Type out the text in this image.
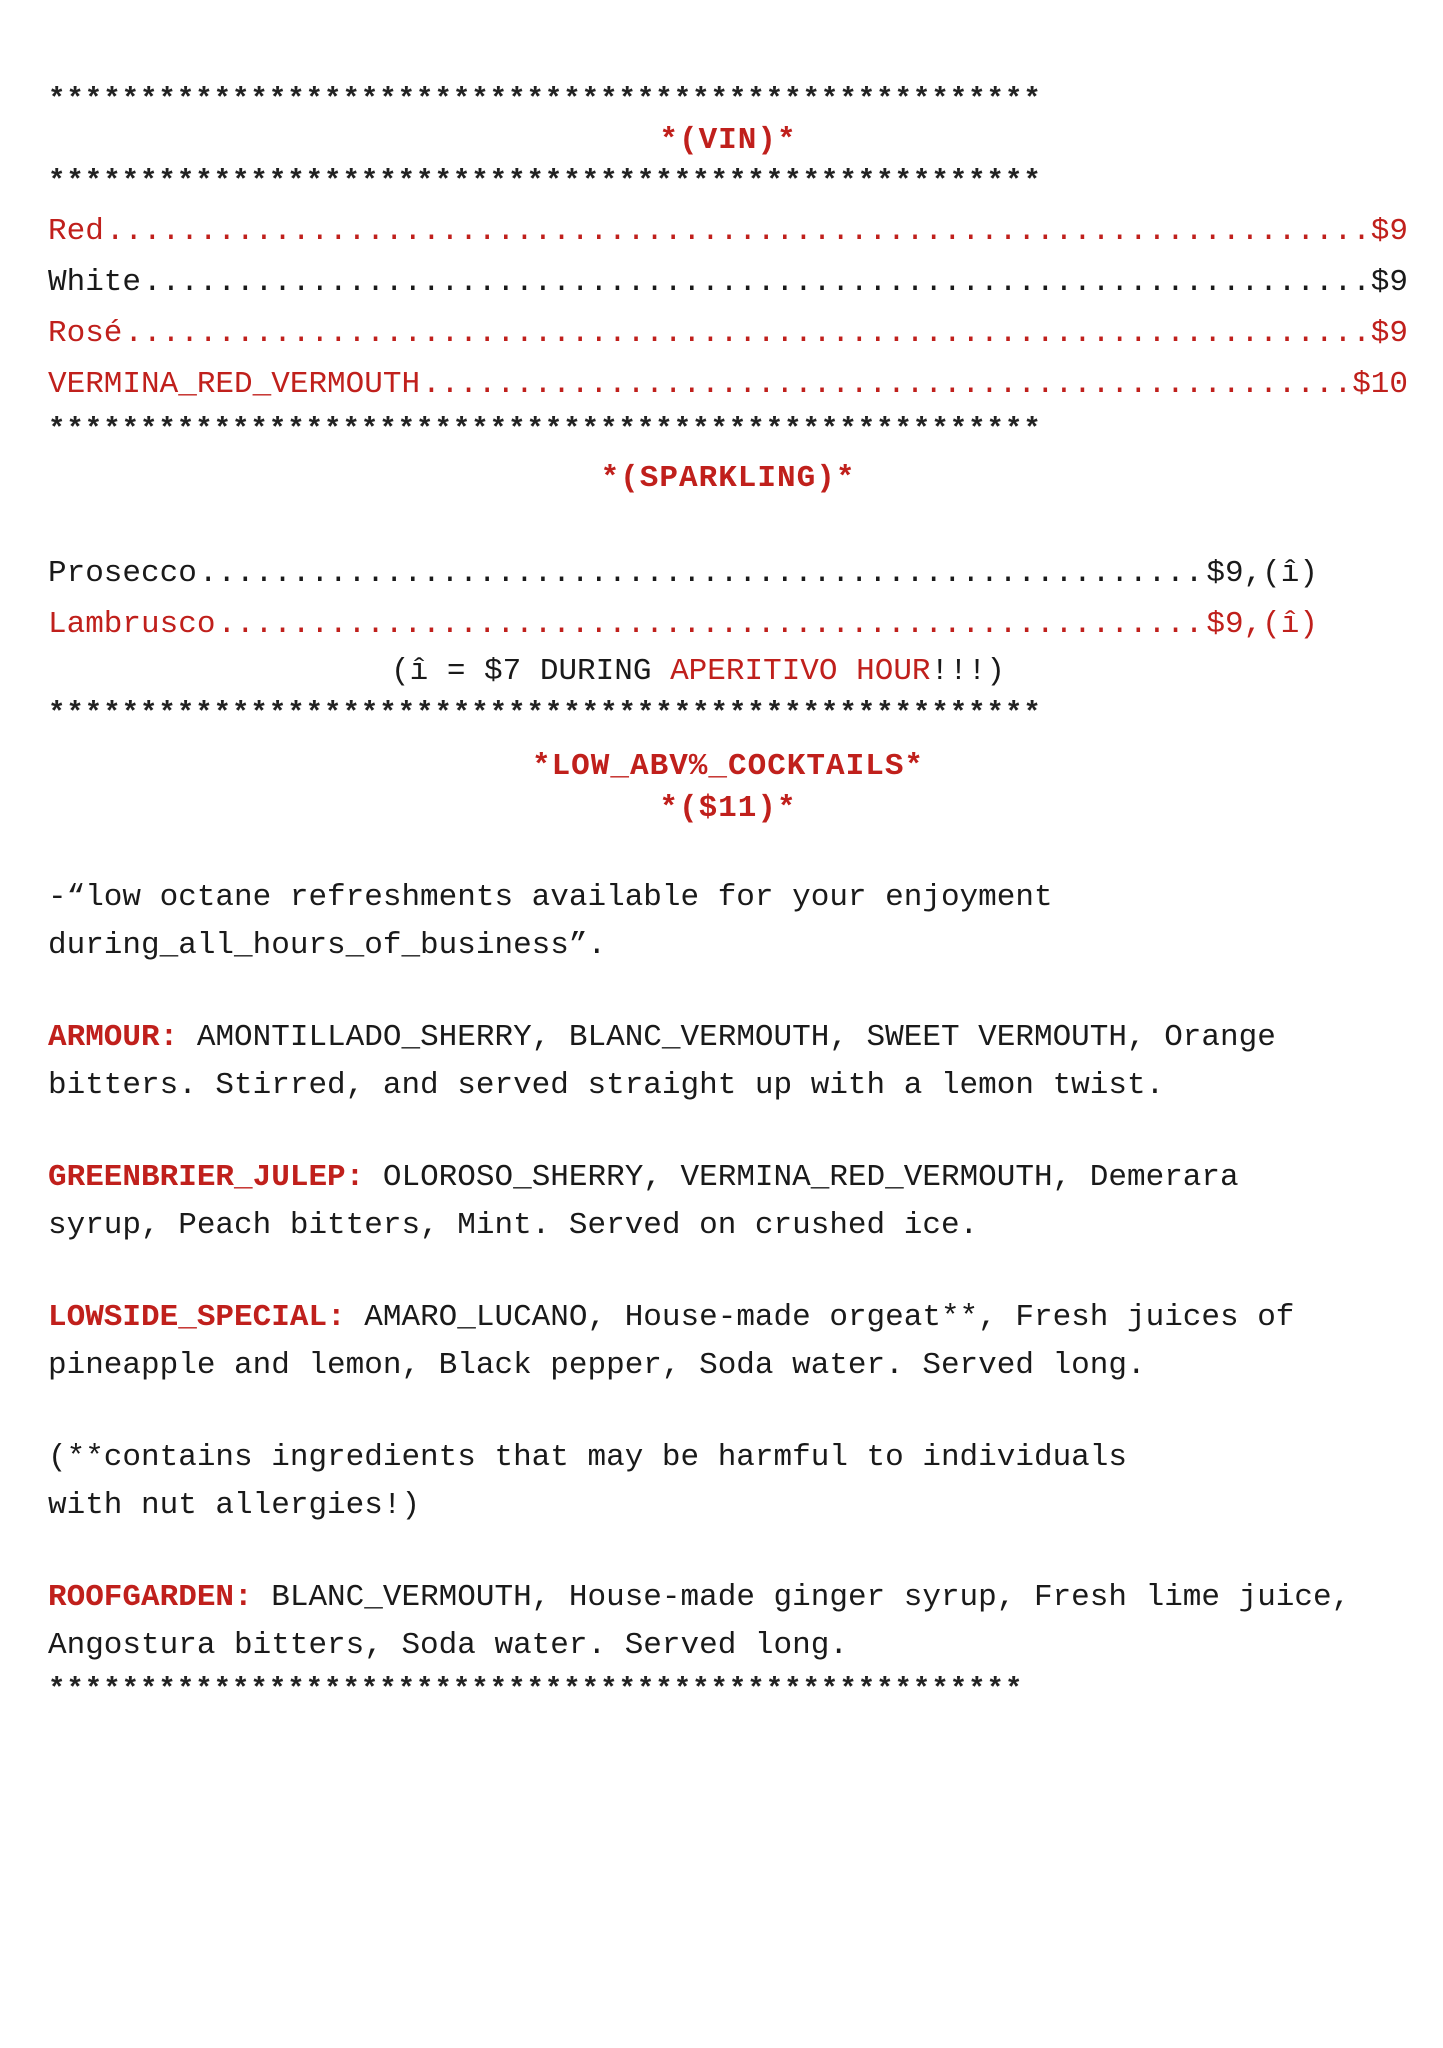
******************************************************
*(VIN)*
******************************************************
Red .....	$9
White .....	$9
Rosé .....	$9
VERMINA_RED_VERMOUTH .....	$10
******************************************************
*(SPARKLING)*
Prosecco .....	$9,(î)
Lambrusco .....	$9,(î)
(î = $7 DURING APERITIVO HOUR!!!)
******************************************************
*LOW_ABV%_COCKTAILS*
*($11)*

-“low octane refreshments available for your enjoyment during_all_hours_of_business”.

ARMOUR: AMONTILLADO_SHERRY, BLANC_VERMOUTH, SWEET VERMOUTH, Orange bitters. Stirred, and served straight up with a lemon twist.

GREENBRIER_JULEP: OLOROSO_SHERRY, VERMINA_RED_VERMOUTH, Demerara syrup, Peach bitters, Mint. Served on crushed ice.

LOWSIDE_SPECIAL: AMARO_LUCANO, House-made orgeat**, Fresh juices of pineapple and lemon, Black pepper, Soda water. Served long.

(**contains ingredients that may be harmful to individuals with nut allergies!)

ROOFGARDEN: BLANC_VERMOUTH, House-made ginger syrup, Fresh lime juice, Angostura bitters, Soda water. Served long.

*****************************************************
